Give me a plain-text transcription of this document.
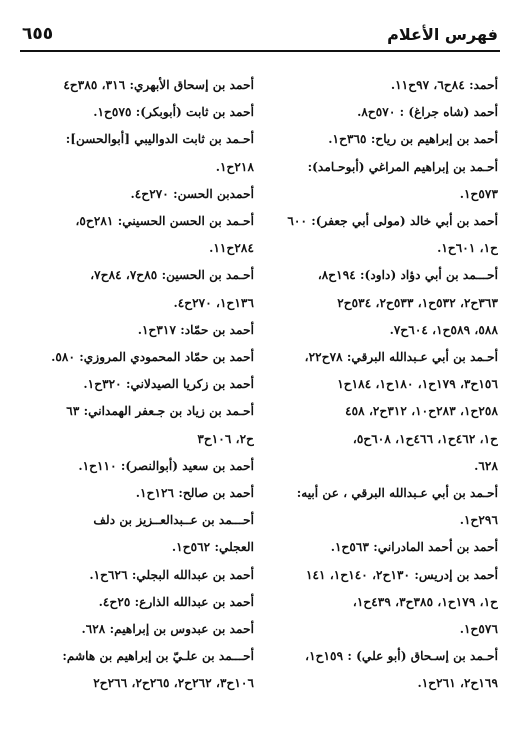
٦٥٥	فهرس الأعلام
أحمد: ٨٤ح٦، ٩٧ح١١.
أحمد (شاه جراغ) : ٥٧٠ح٨.
أحمد بن إبراهيم بن رياح: ٣٦٥ح١.
أحـمد بن إبراهيم المراغي (أبوحـامد):
٥٧٣ح١.
أحمد بن أبي خالد (مولى أبي جعفر): ٦٠٠
ح١، ٦٠١ح١.
أحـــمد بن أبي دؤاد (داود): ١٩٤ح٨،
٣٦٣ح٢، ٥٣٢ح١، ٥٣٣ح٢، ٥٣٤ح٢
٥٨٨، ٥٨٩ح١، ٦٠٤ح٧.
أحـمد بن أبي عـبدالله البرقي: ٧٨ح٢٢،
١٥٦ح٣، ١٧٩ح١، ١٨٠ح١، ١٨٤ح١
٢٥٨ح١، ٢٨٣ح١٠، ٣١٢ح٢، ٤٥٨
ح١، ٤٦٢ح١، ٤٦٦ح١، ٦٠٨ح٥،
٦٢٨.
أحـمد بن أبي عـبدالله البرقي ، عن أبيه:
٢٩٦ح١.
أحمد بن أحمد المادراني: ٥٦٣ح١.
أحمد بن إدريس: ١٣٠ح٢، ١٤٠ح١، ١٤١
ح١، ١٧٩ح١، ٣٨٥ح٣، ٤٣٩ح١،
٥٧٦ح١.
أحـمد بن إسـحاق (أبو علي) : ١٥٩ح١،
١٦٩ح٢، ٢٦١ح١.
أحمد بن إسحاق الأبهري: ٣١٦، ٣٨٥ح٤
أحمد بن ثابت (أبوبكر): ٥٧٥ح١.
أحـمد بن ثابت الدواليبي [أبوالحسن]:
٢١٨ح١.
أحمدبن الحسن: ٢٧٠ح٤.
أحـمد بن الحسن الحسيني: ٢٨١ح٥،
٢٨٤ح١١.
أحـمد بن الحسين: ٨٥ح٧، ٨٤ح٧،
١٣٦ح١، ٢٧٠ح٤.
أحمد بن حمّاد: ٣١٧ح١.
أحمد بن حمّاد المحمودي المروزي: ٥٨٠.
أحمد بن زكريا الصيدلاني: ٣٢٠ح١.
أحـمد بن زياد بن جـعفر الهمداني: ٦٣
ح٢، ١٠٦ح٣
أحمد بن سعيد (أبوالنصر): ١١٠ح١.
أحمد بن صالح: ١٢٦ح١.
أحـــمد بن عــبدالعــزيز بن دلف
العجلي: ٥٦٢ح١.
أحمد بن عبدالله البجلي: ٦٢٦ح١.
أحمد بن عبدالله الذارع: ٢٥ح٤.
أحمد بن عبدوس بن إبراهيم: ٦٢٨.
أحـــمد بن علـيّ بن إبراهيم بن هاشم:
١٠٦ح٣، ٢٦٢ح٢، ٢٦٥ح٢، ٢٦٦ح٢
